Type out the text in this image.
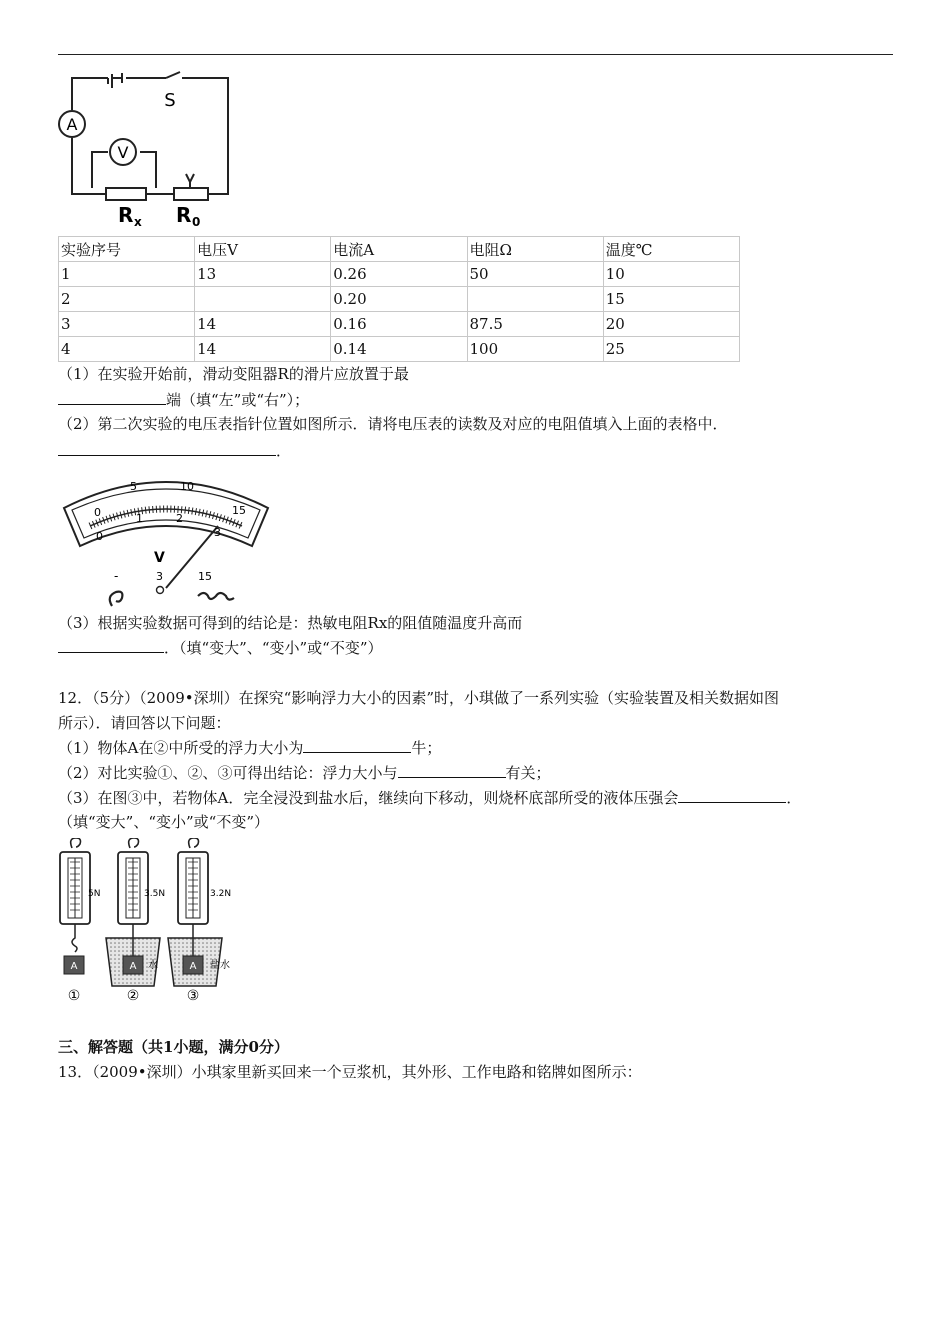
A
V
S
R x R 0
实验序号	电压V	电流A	电阻Ω	温度℃
1	13	0.26	50	10
2		0.20		15
3	14	0.16	87.5	20
4	14	0.14	100	25
（1）在实验开始前，滑动变阻器R的滑片应放置于最
端（填“左”或“右”）；
（2）第二次实验的电压表指针位置如图所示．请将电压表的读数及对应的电阻值填入上面的表格中．
．
0
5	10
15
0
1	2
3
V
-	3	15
（3）根据实验数据可得到的结论是：热敏电阻Rx的阻值随温度升高而
．（填“变大”、“变小”或“不变”）
12．（5分）（2009•深圳）在探究“影响浮力大小的因素”时，小琪做了一系列实验（实验装置及相关数据如图
所示）．请回答以下问题：
（1）物体A在②中所受的浮力大小为	牛；
（2）对比实验①、②、③可得出结论：浮力大小与	有关；
（3）在图③中，若物体A．完全浸没到盐水后，继续向下移动，则烧杯底部所受的液体压强会	．
（填“变大”、“变小”或“不变”）
5N
A
①
3.5N
A 水
②
3.2N
A 盐水
③
三、解答题（共1小题，满分0分）
13．（2009•深圳）小琪家里新买回来一个豆浆机，其外形、工作电路和铭牌如图所示：
